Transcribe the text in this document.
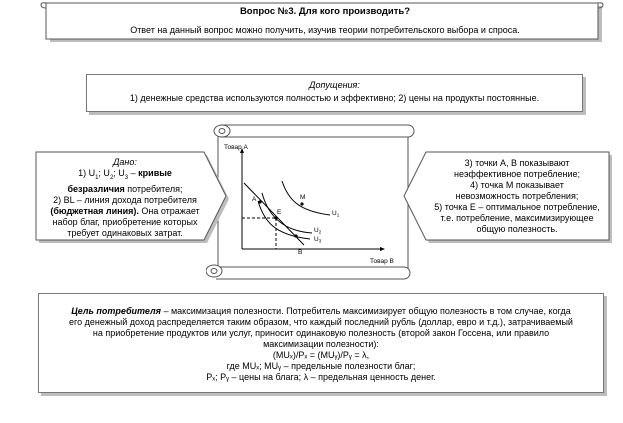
Вопрос №3. Для кого производить?
Ответ на данный вопрос можно получить, изучив теории потребительского выбора и спроса.
Допущения:
1) денежные средства используются полностью и эффективно; 2) цены на продукты постоянные.
Товар А
Товар В
A	M
E
B
$U_1$
$U_2$
$U_3$
Дано:
1) $U_1$; $U_2$; $U_3$ – кривые
безразличия потребителя;
2) BL – линия дохода потребителя
(бюджетная линия). Она отражает
набор благ, приобретение которых
требует одинаковых затрат.
3) точки А, В показывают
неэффективное потребление;
4) точка М показывает
невозможность потребления;
5) точка Е – оптимальное потребление,
т.е. потребление, максимизирующее
общую полезность.
Цель потребителя – максимизация полезности. Потребитель максимизирует общую полезность в том случае, когда
его денежный доход распределяется таким образом, что каждый последний рубль (доллар, евро и т.д.), затрачиваемый
на приобретение продуктов или услуг, приносит одинаковую полезность (второй закон Госсена, или правило
максимизации полезности):
(MUₓ)/Pₓ = (MUᵧ)/Pᵧ = λ,
где MUₓ; MUᵧ – предельные полезности благ;
Pₓ; Pᵧ – цены на блага; λ – предельная ценность денег.
